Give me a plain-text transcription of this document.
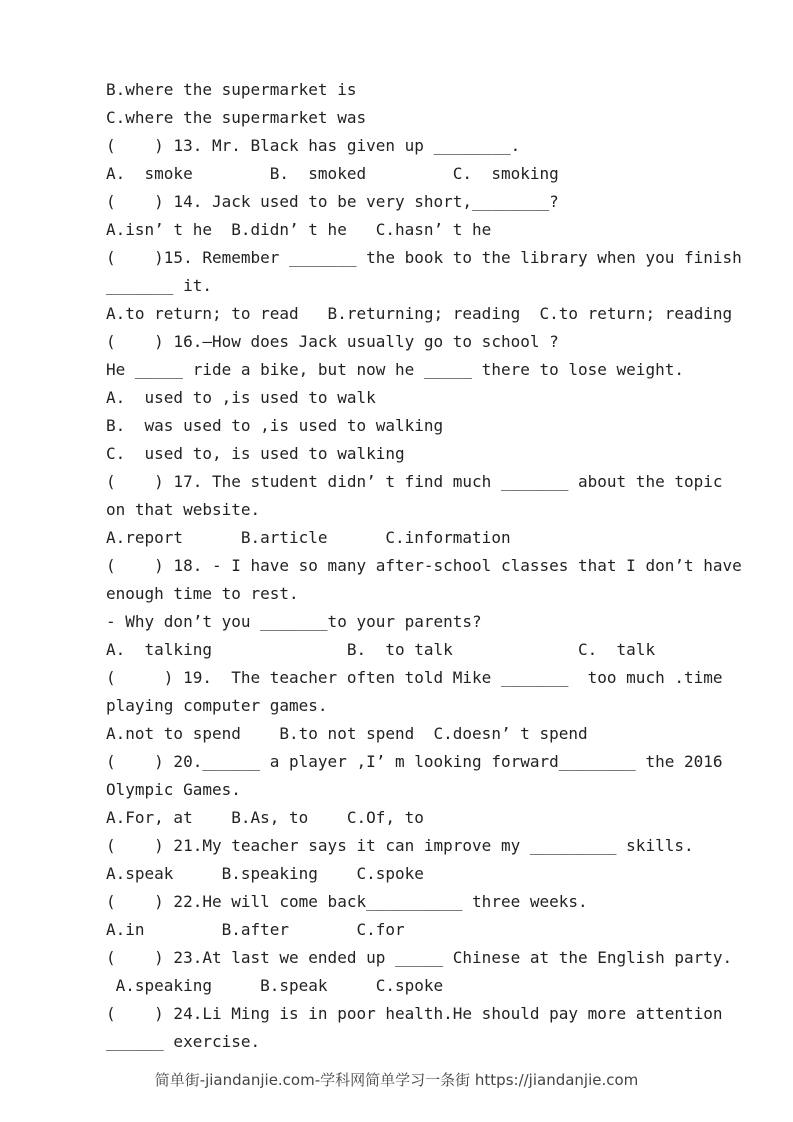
B.where the supermarket is
C.where the supermarket was
(    ) 13. Mr. Black has given up ________.
A.  smoke        B.  smoked         C.  smoking
(    ) 14. Jack used to be very short,________?
A.isn’ t he  B.didn’ t he   C.hasn’ t he
(    )15. Remember _______ the book to the library when you finish
_______ it.
A.to return; to read   B.returning; reading  C.to return; reading
(    ) 16.—How does Jack usually go to school ?
He _____ ride a bike, but now he _____ there to lose weight.
A.  used to ,is used to walk
B.  was used to ,is used to walking
C.  used to, is used to walking
(    ) 17. The student didn’ t find much _______ about the topic
on that website.
A.report      B.article      C.information
(    ) 18. - I have so many after-school classes that I don’t have
enough time to rest.
- Why don’t you _______to your parents?
A.  talking              B.  to talk             C.  talk
(     ) 19.  The teacher often told Mike _______  too much .time
playing computer games.
A.not to spend    B.to not spend  C.doesn’ t spend
(    ) 20.______ a player ,I’ m looking forward________ the 2016
Olympic Games.
A.For, at    B.As, to    C.Of, to
(    ) 21.My teacher says it can improve my _________ skills.
A.speak     B.speaking    C.spoke
(    ) 22.He will come back__________ three weeks.
A.in        B.after       C.for
(    ) 23.At last we ended up _____ Chinese at the English party.
A.speaking     B.speak     C.spoke
(    ) 24.Li Ming is in poor health.He should pay more attention
______ exercise.
简单街-jiandanjie.com-学科网简单学习一条街 https://jiandanjie.com
